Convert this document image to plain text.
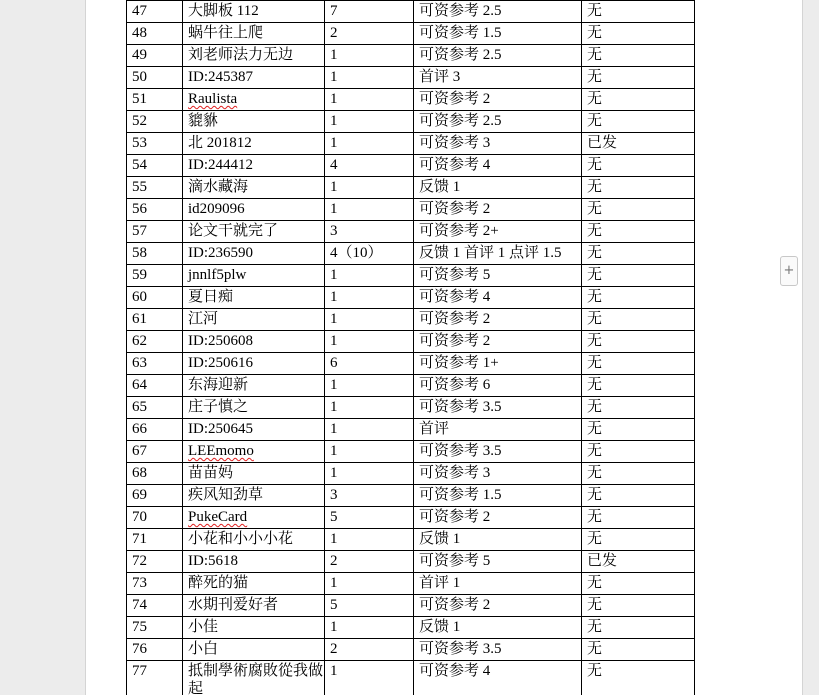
47	大脚板 112	7	可资参考 2.5	无
48	蜗牛往上爬	2	可资参考 1.5	无
49	刘老师法力无边	1	可资参考 2.5	无
50	ID:245387	1	首评 3	无
51	Raulista	1	可资参考 2	无
52	貔貅	1	可资参考 2.5	无
53	北 201812	1	可资参考 3	已发
54	ID:244412	4	可资参考 4	无
55	滴水藏海	1	反馈 1	无
56	id209096	1	可资参考 2	无
57	论文干就完了	3	可资参考 2+	无
58	ID:236590	4（10）	反馈 1 首评 1 点评 1.5	无
59	jnnlf5plw	1	可资参考 5	无
60	夏日痴	1	可资参考 4	无
61	江河	1	可资参考 2	无
62	ID:250608	1	可资参考 2	无
63	ID:250616	6	可资参考 1+	无
64	东海迎新	1	可资参考 6	无
65	庄子慎之	1	可资参考 3.5	无
66	ID:250645	1	首评	无
67	LEEmomo	1	可资参考 3.5	无
68	苗苗妈	1	可资参考 3	无
69	疾风知劲草	3	可资参考 1.5	无
70	PukeCard	5	可资参考 2	无
71	小花和小小小花	1	反馈 1	无
72	ID:5618	2	可资参考 5	已发
73	醉死的猫	1	首评 1	无
74	水期刊爱好者	5	可资参考 2	无
75	小佳	1	反馈 1	无
76	小白	2	可资参考 3.5	无
77	抵制學術腐敗從我做起	1	可资参考 4	无

+
